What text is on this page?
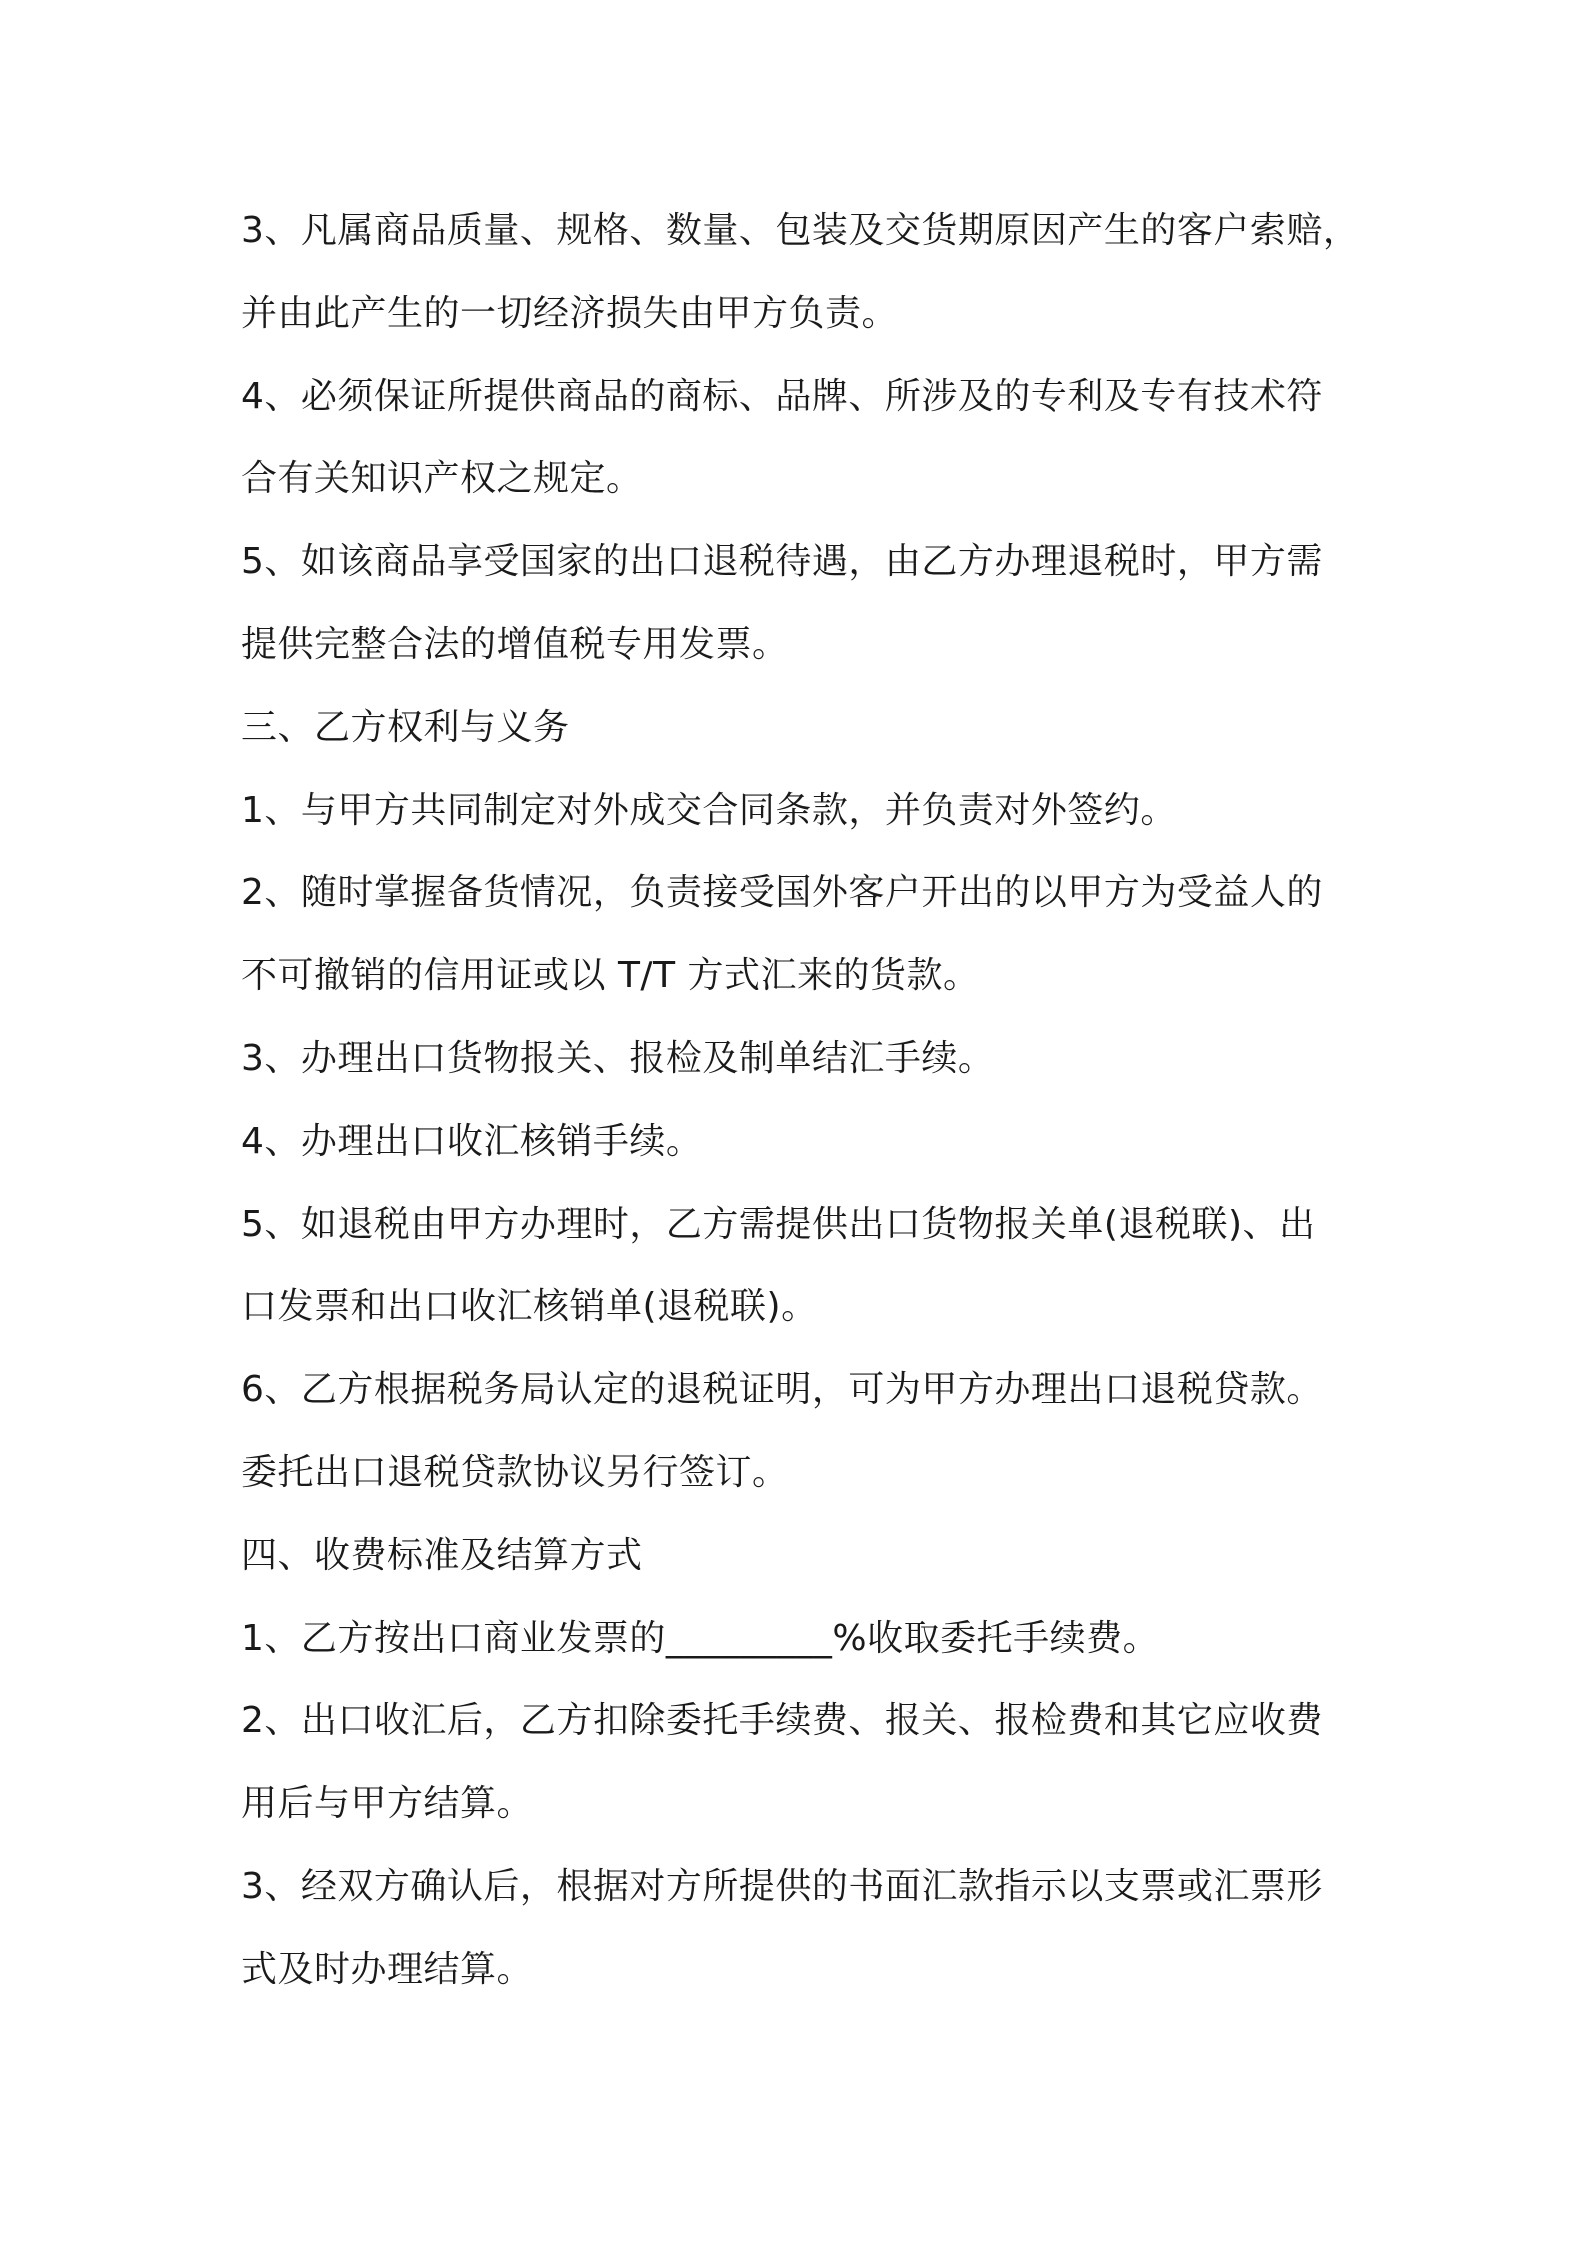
3、凡属商品质量、规格、数量、包装及交货期原因产生的客户索赔，
并由此产生的一切经济损失由甲方负责。
4、必须保证所提供商品的商标、品牌、所涉及的专利及专有技术符
合有关知识产权之规定。
5、如该商品享受国家的出口退税待遇，由乙方办理退税时，甲方需
提供完整合法的增值税专用发票。
三、乙方权利与义务
1、与甲方共同制定对外成交合同条款，并负责对外签约。
2、随时掌握备货情况，负责接受国外客户开出的以甲方为受益人的
不可撤销的信用证或以 T/T 方式汇来的货款。
3、办理出口货物报关、报检及制单结汇手续。
4、办理出口收汇核销手续。
5、如退税由甲方办理时，乙方需提供出口货物报关单(退税联)、出
口发票和出口收汇核销单(退税联)。
6、乙方根据税务局认定的退税证明，可为甲方办理出口退税贷款。
委托出口退税贷款协议另行签订。
四、收费标准及结算方式
1、乙方按出口商业发票的_________%收取委托手续费。
2、出口收汇后，乙方扣除委托手续费、报关、报检费和其它应收费
用后与甲方结算。
3、经双方确认后，根据对方所提供的书面汇款指示以支票或汇票形
式及时办理结算。
